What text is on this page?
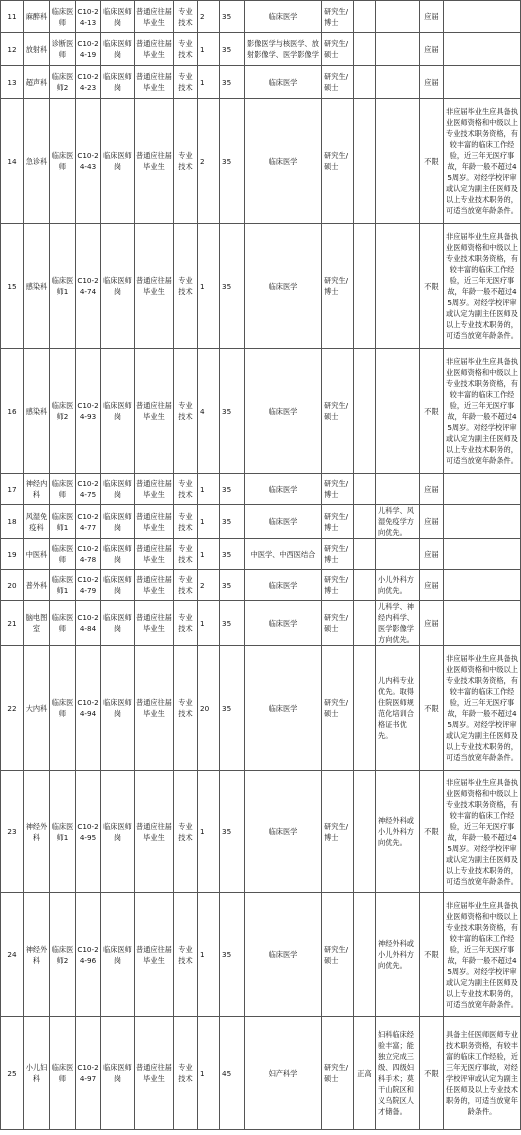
11	麻醉科	临床医师	C10-24-13	临床医师岗	普通应往届毕业生	专业技术	2	35	临床医学	研究生/博士			应届	
12	放射科	诊断医师	C10-24-19	临床医师岗	普通应往届毕业生	专业技术	1	35	影像医学与核医学、放射影像学、医学影像学	研究生/硕士			应届	
13	超声科	临床医师2	C10-24-23	临床医师岗	普通应往届毕业生	专业技术	1	35	临床医学	研究生/硕士			应届	
14	急诊科	临床医师	C10-24-43	临床医师岗	普通应往届毕业生	专业技术	2	35	临床医学	研究生/硕士			不限	非应届毕业生应具备执业医师资格和中级以上专业技术职务资格，有较丰富的临床工作经验，近三年无医疗事故，年龄一般不超过45周岁。对经学校评审或认定为副主任医师及以上专业技术职务的，可适当放宽年龄条件。
15	感染科	临床医师1	C10-24-74	临床医师岗	普通应往届毕业生	专业技术	1	35	临床医学	研究生/博士			不限	非应届毕业生应具备执业医师资格和中级以上专业技术职务资格，有较丰富的临床工作经验，近三年无医疗事故，年龄一般不超过45周岁。对经学校评审或认定为副主任医师及以上专业技术职务的，可适当放宽年龄条件。
16	感染科	临床医师2	C10-24-93	临床医师岗	普通应往届毕业生	专业技术	4	35	临床医学	研究生/硕士			不限	非应届毕业生应具备执业医师资格和中级以上专业技术职务资格，有较丰富的临床工作经验，近三年无医疗事故，年龄一般不超过45周岁。对经学校评审或认定为副主任医师及以上专业技术职务的，可适当放宽年龄条件。
17	神经内科	临床医师	C10-24-75	临床医师岗	普通应往届毕业生	专业技术	1	35	临床医学	研究生/博士			应届	
18	风湿免疫科	临床医师1	C10-24-77	临床医师岗	普通应往届毕业生	专业技术	1	35	临床医学	研究生/博士		儿科学、风湿免疫学方向优先。	应届	
19	中医科	临床医师	C10-24-78	临床医师岗	普通应往届毕业生	专业技术	1	35	中医学、中西医结合	研究生/博士			应届	
20	普外科	临床医师1	C10-24-79	临床医师岗	普通应往届毕业生	专业技术	2	35	临床医学	研究生/博士		小儿外科方向优先。	应届	
21	脑电图室	临床医师	C10-24-84	临床医师岗	普通应往届毕业生	专业技术	1	35	临床医学	研究生/硕士		儿科学、神经内科学、医学影像学方向优先。	应届	
22	大内科	临床医师	C10-24-94	临床医师岗	普通应往届毕业生	专业技术	20	35	临床医学	研究生/硕士		儿内科专业优先。取得住院医师规范化培训合格证书优先。	不限	非应届毕业生应具备执业医师资格和中级以上专业技术职务资格，有较丰富的临床工作经验，近三年无医疗事故，年龄一般不超过45周岁。对经学校评审或认定为副主任医师及以上专业技术职务的，可适当放宽年龄条件。
23	神经外科	临床医师1	C10-24-95	临床医师岗	普通应往届毕业生	专业技术	1	35	临床医学	研究生/博士		神经外科或小儿外科方向优先。	不限	非应届毕业生应具备执业医师资格和中级以上专业技术职务资格，有较丰富的临床工作经验，近三年无医疗事故，年龄一般不超过45周岁。对经学校评审或认定为副主任医师及以上专业技术职务的，可适当放宽年龄条件。
24	神经外科	临床医师2	C10-24-96	临床医师岗	普通应往届毕业生	专业技术	1	35	临床医学	研究生/硕士		神经外科或小儿外科方向优先。	不限	非应届毕业生应具备执业医师资格和中级以上专业技术职务资格，有较丰富的临床工作经验，近三年无医疗事故，年龄一般不超过45周岁。对经学校评审或认定为副主任医师及以上专业技术职务的，可适当放宽年龄条件。
25	小儿妇科	临床医师	C10-24-97	临床医师岗	普通应往届毕业生	专业技术	1	45	妇产科学	研究生/硕士	正高	妇科临床经验丰富；能独立完成三级、四级妇科手术；莫干山院区和义乌院区人才储备。	不限	具备主任医师医师专业技术职务资格，有较丰富的临床工作经验，近三年无医疗事故，对经学校评审或认定为副主任医师及以上专业技术职务的，可适当放宽年龄条件。
